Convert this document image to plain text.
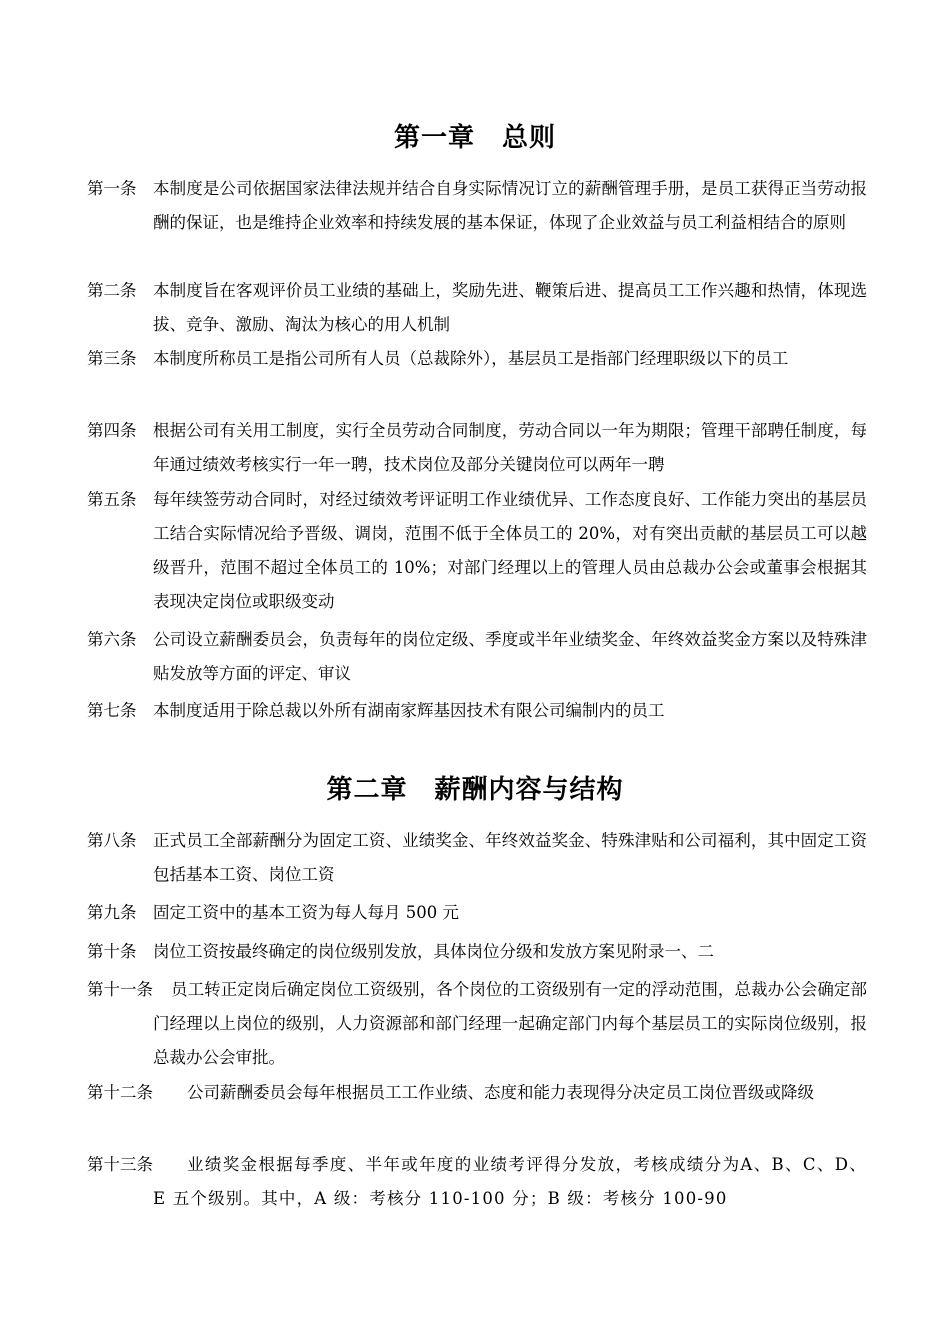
第一章　总则
第一条 本制度是公司依据国家法律法规并结合自身实际情况订立的薪酬管理手册，是员工获得正当劳动报酬的保证，也是维持企业效率和持续发展的基本保证，体现了企业效益与员工利益相结合的原则
第二条 本制度旨在客观评价员工业绩的基础上，奖励先进、鞭策后进、提高员工工作兴趣和热情，体现选拔、竞争、激励、淘汰为核心的用人机制
第三条 本制度所称员工是指公司所有人员（总裁除外），基层员工是指部门经理职级以下的员工
第四条 根据公司有关用工制度，实行全员劳动合同制度，劳动合同以一年为期限；管理干部聘任制度，每年通过绩效考核实行一年一聘，技术岗位及部分关键岗位可以两年一聘
第五条 每年续签劳动合同时，对经过绩效考评证明工作业绩优异、工作态度良好、工作能力突出的基层员工结合实际情况给予晋级、调岗，范围不低于全体员工的 20%，对有突出贡献的基层员工可以越级晋升，范围不超过全体员工的 10%；对部门经理以上的管理人员由总裁办公会或董事会根据其表现决定岗位或职级变动
第六条 公司设立薪酬委员会，负责每年的岗位定级、季度或半年业绩奖金、年终效益奖金方案以及特殊津贴发放等方面的评定、审议
第七条 本制度适用于除总裁以外所有湖南家辉基因技术有限公司编制内的员工
第二章　薪酬内容与结构
第八条 正式员工全部薪酬分为固定工资、业绩奖金、年终效益奖金、特殊津贴和公司福利，其中固定工资包括基本工资、岗位工资
第九条 固定工资中的基本工资为每人每月 500 元
第十条 岗位工资按最终确定的岗位级别发放，具体岗位分级和发放方案见附录一、二
第十一条	员工转正定岗后确定岗位工资级别，各个岗位的工资级别有一定的浮动范围，总裁办公会确定部门经理以上岗位的级别，人力资源部和部门经理一起确定部门内每个基层员工的实际岗位级别，报总裁办公会审批。
第十二条	公司薪酬委员会每年根据员工工作业绩、态度和能力表现得分决定员工岗位晋级或降级
第十三条	业绩奖金根据每季度、半年或年度的业绩考评得分发放，考核成绩分为A、B、C、D、E 五个级别。其中，A 级：考核分 110-100 分；B 级：考核分 100-90
